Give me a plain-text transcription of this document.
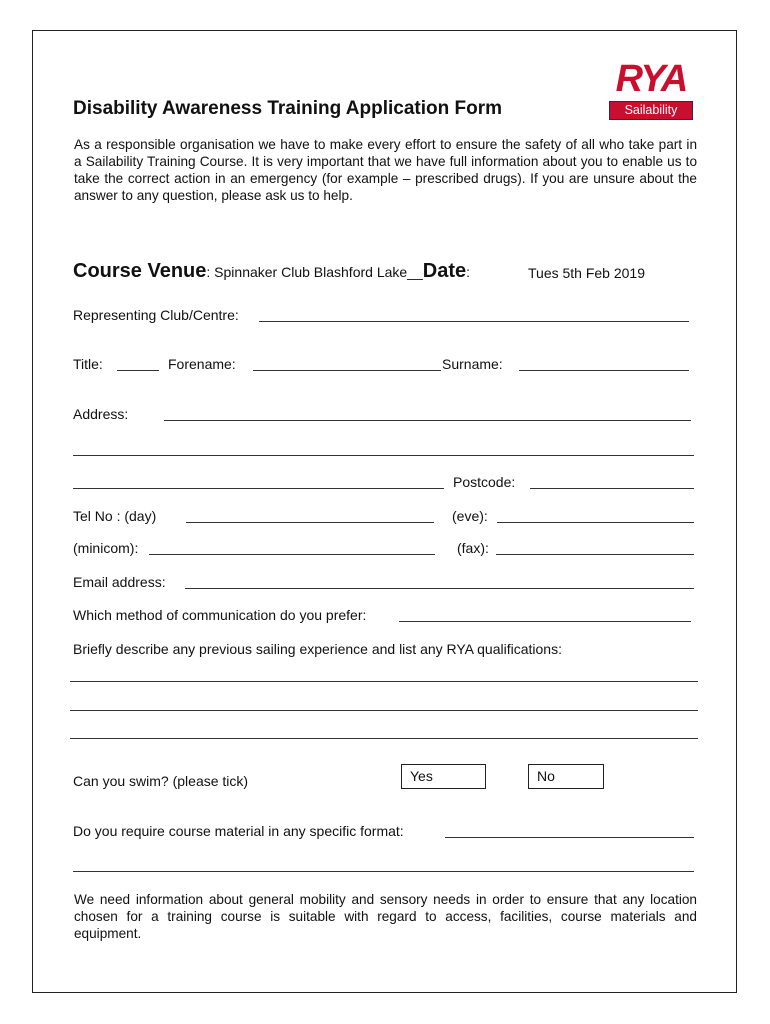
RYA
Sailability
Disability Awareness Training Application Form
As a responsible organisation we have to make every effort to ensure the safety of all who take part in a Sailability Training Course. It is very important that we have full information about you to enable us to take the correct action in an emergency (for example – prescribed drugs). If you are unsure about the answer to any question, please ask us to help.
Course Venue: Spinnaker Club Blashford Lake__Date:	Tues 5th Feb 2019
Representing Club/Centre:
Title:	Forename:	Surname:
Address:
Postcode:
Tel No : (day)	(eve):
(minicom):	(fax):
Email address:
Which method of communication do you prefer:
Briefly describe any previous sailing experience and list any RYA qualifications:
Can you swim? (please tick)	Yes	No
Do you require course material in any specific format:
We need information about general mobility and sensory needs in order to ensure that any location chosen for a training course is suitable with regard to access, facilities, course materials and equipment.
